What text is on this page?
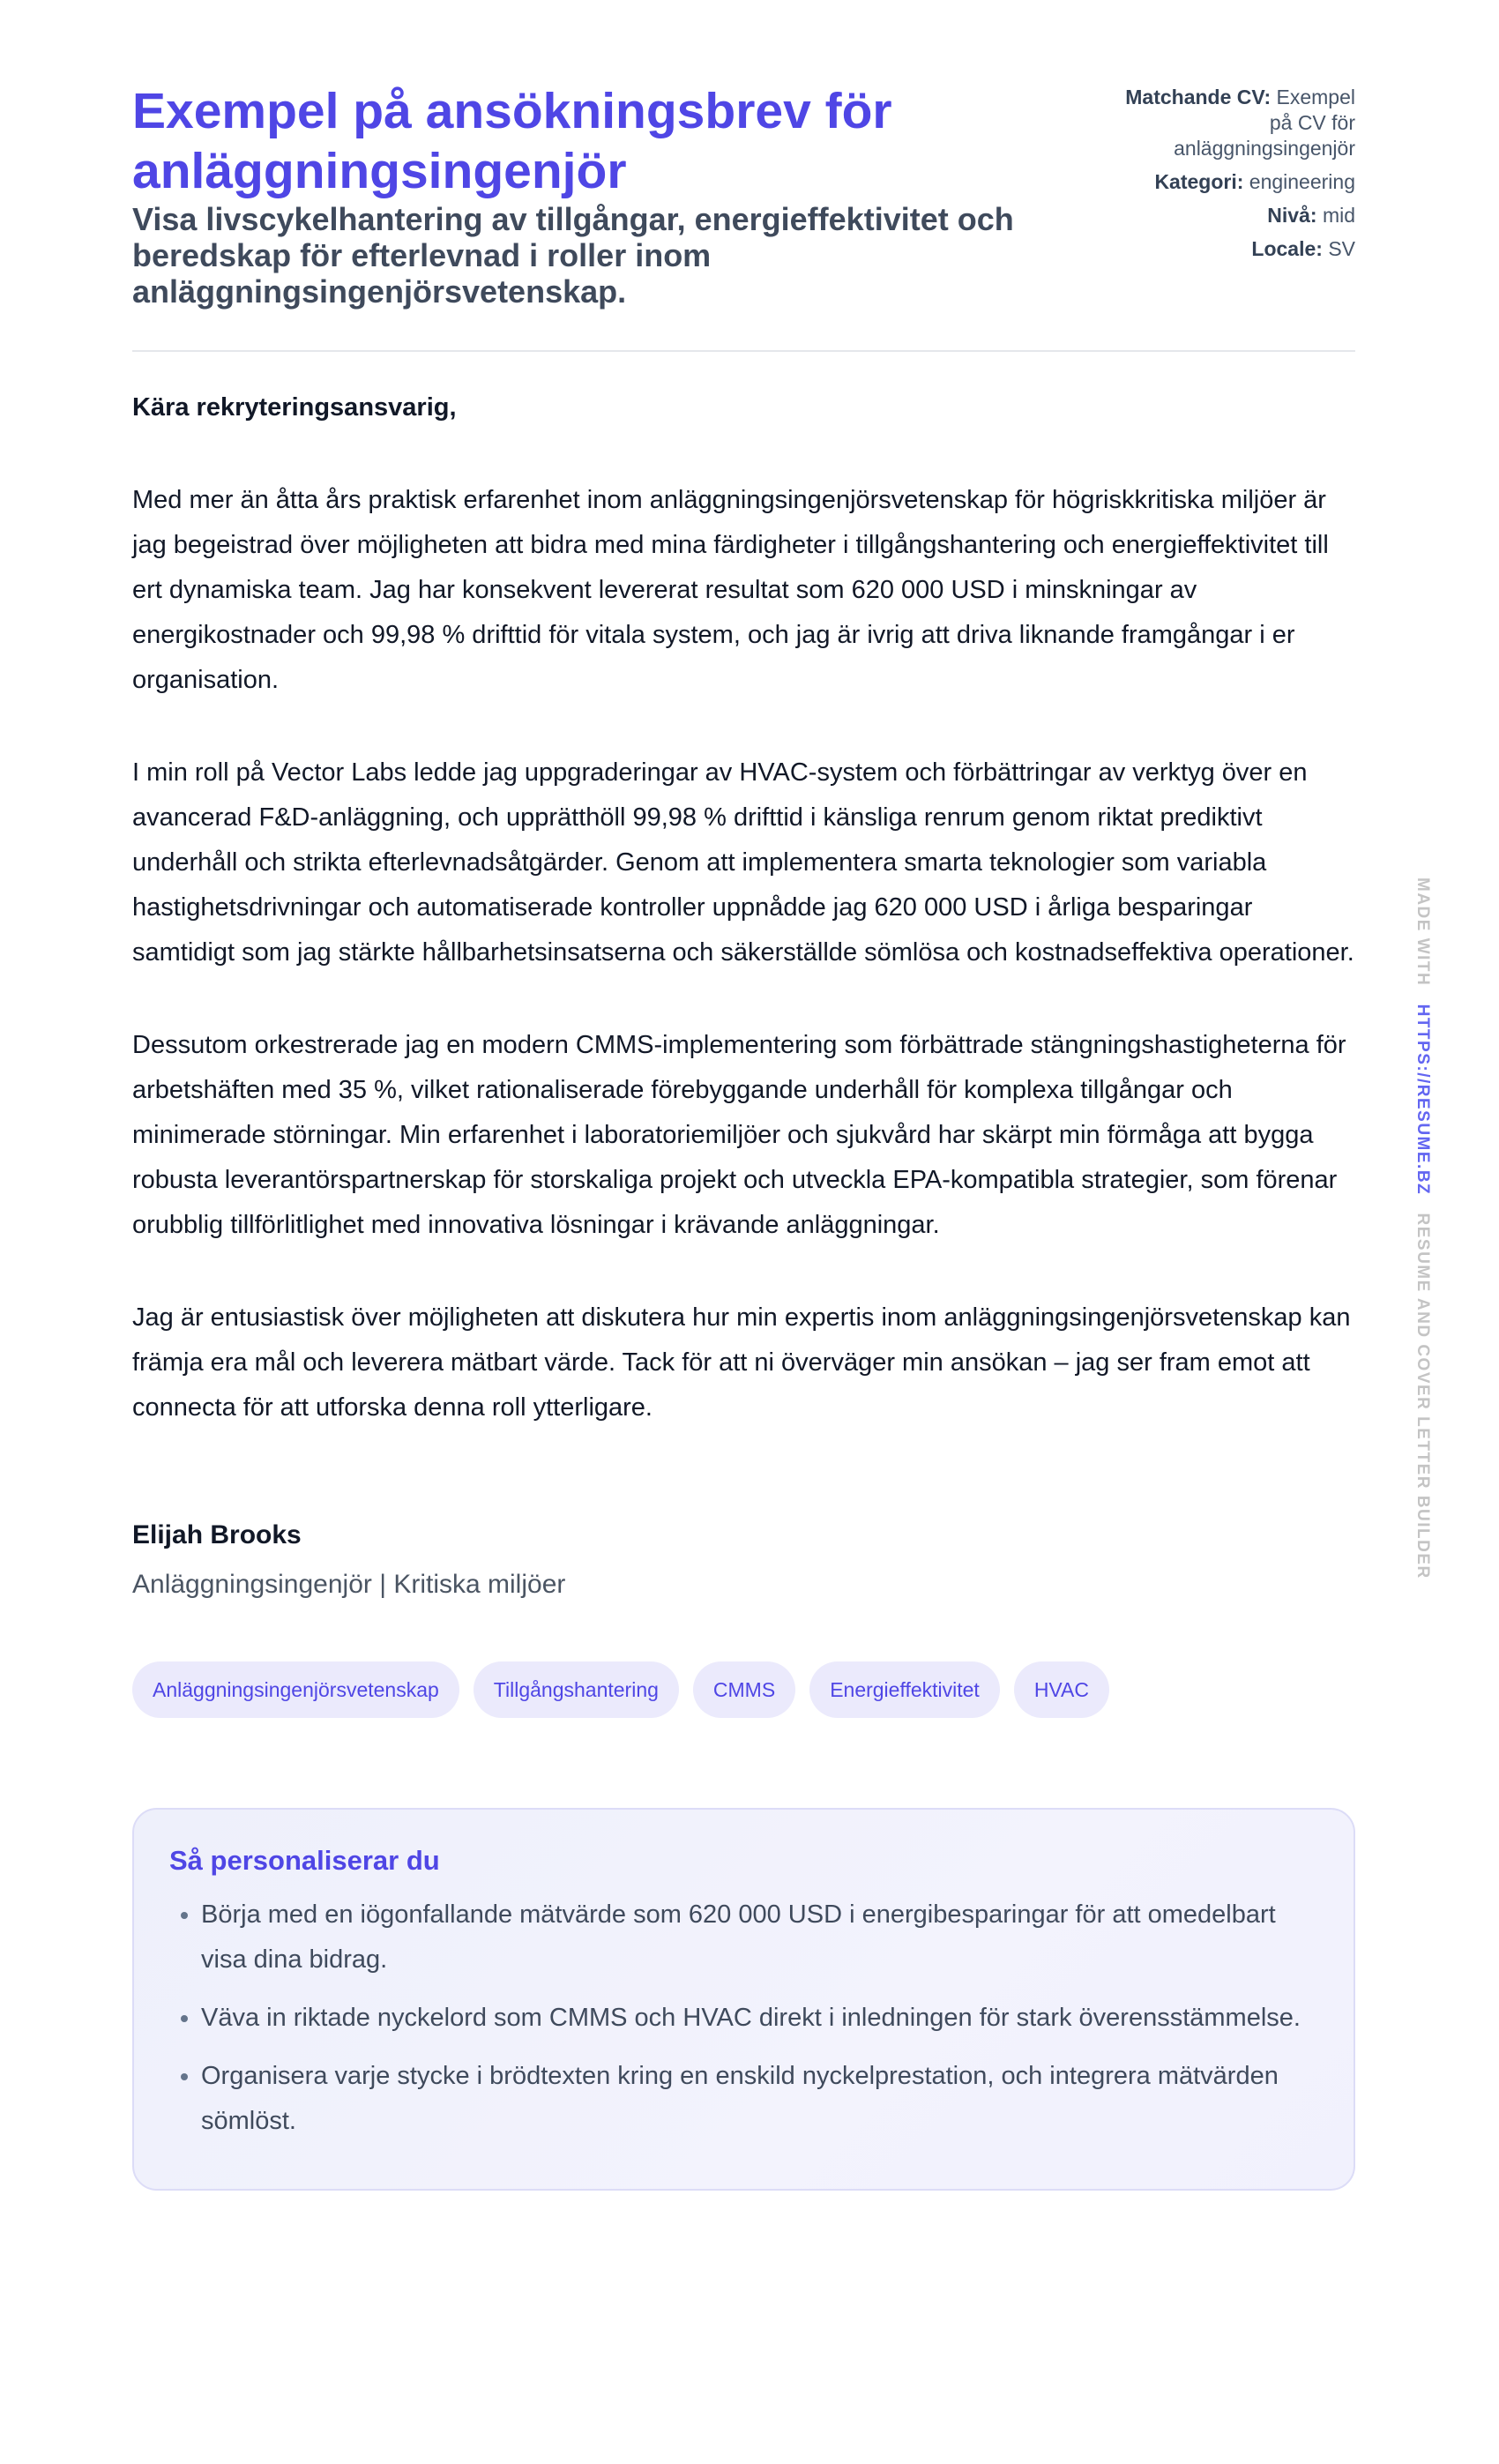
Exempel på ansökningsbrev för anläggningsingenjör

Visa livscykelhantering av tillgångar, energieffektivitet och beredskap för efterlevnad i roller inom anläggningsingenjörsvetenskap.

Matchande CV: Exempel på CV för anläggningsingenjör
Kategori: engineering
Nivå: mid
Locale: SV

Kära rekryteringsansvarig,

Med mer än åtta års praktisk erfarenhet inom anläggningsingenjörsvetenskap för högriskkritiska miljöer är jag begeistrad över möjligheten att bidra med mina färdigheter i tillgångshantering och energieffektivitet till ert dynamiska team. Jag har konsekvent levererat resultat som 620 000 USD i minskningar av energikostnader och 99,98 % drifttid för vitala system, och jag är ivrig att driva liknande framgångar i er organisation.

I min roll på Vector Labs ledde jag uppgraderingar av HVAC-system och förbättringar av verktyg över en avancerad F&D-anläggning, och upprätthöll 99,98 % drifttid i känsliga renrum genom riktat prediktivt underhåll och strikta efterlevnadsåtgärder. Genom att implementera smarta teknologier som variabla hastighetsdrivningar och automatiserade kontroller uppnådde jag 620 000 USD i årliga besparingar samtidigt som jag stärkte hållbarhetsinsatserna och säkerställde sömlösa och kostnadseffektiva operationer.

Dessutom orkestrerade jag en modern CMMS-implementering som förbättrade stängningshastigheterna för arbetshäften med 35 %, vilket rationaliserade förebyggande underhåll för komplexa tillgångar och minimerade störningar. Min erfarenhet i laboratoriemiljöer och sjukvård har skärpt min förmåga att bygga robusta leverantörspartnerskap för storskaliga projekt och utveckla EPA-kompatibla strategier, som förenar orubblig tillförlitlighet med innovativa lösningar i krävande anläggningar.

Jag är entusiastisk över möjligheten att diskutera hur min expertis inom anläggningsingenjörsvetenskap kan främja era mål och leverera mätbart värde. Tack för att ni överväger min ansökan – jag ser fram emot att connecta för att utforska denna roll ytterligare.

Elijah Brooks
Anläggningsingenjör | Kritiska miljöer
Anläggningsingenjörsvetenskap	Tillgångshantering	CMMS	Energieffektivitet	HVAC
Så personaliserar du
• Börja med en iögonfallande mätvärde som 620 000 USD i energibesparingar för att omedelbart visa dina bidrag.
• Väva in riktade nyckelord som CMMS och HVAC direkt i inledningen för stark överensstämmelse.
• Organisera varje stycke i brödtexten kring en enskild nyckelprestation, och integrera mätvärden sömlöst.
MADE WITH   HTTPS://RESUME.BZ   RESUME AND COVER LETTER BUILDER
